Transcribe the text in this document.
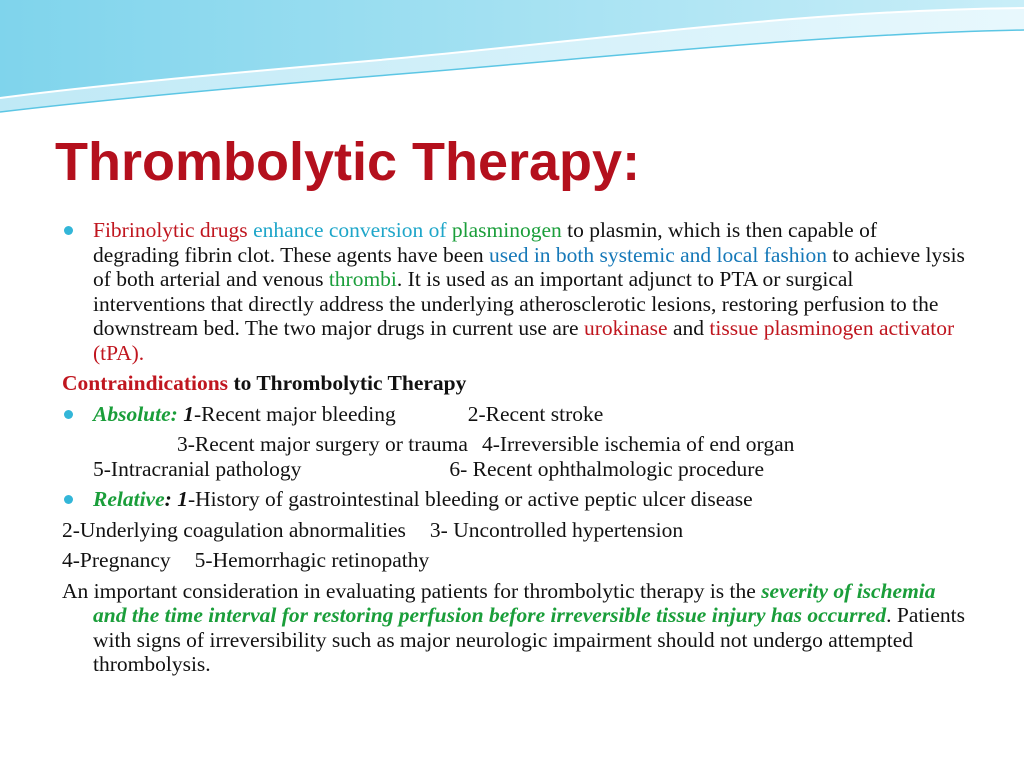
Thrombolytic Therapy:

Fibrinolytic drugs enhance conversion of plasminogen to plasmin, which is then capable of degrading fibrin clot. These agents have been used in both systemic and local fashion to achieve lysis of both arterial and venous thrombi. It is used as an important adjunct to PTA or surgical interventions that directly address the underlying atherosclerotic lesions, restoring perfusion to the downstream bed. The two major drugs in current use are urokinase and tissue plasminogen activator (tPA).

Contraindications to Thrombolytic Therapy

Absolute: 1-Recent major bleeding	2-Recent stroke

3-Recent major surgery or trauma 4-Irreversible ischemia of end organ

5-Intracranial pathology	6- Recent ophthalmologic procedure

Relative: 1-History of gastrointestinal bleeding or active peptic ulcer disease

2-Underlying coagulation abnormalities 3- Uncontrolled hypertension

4-Pregnancy 5-Hemorrhagic retinopathy

An important consideration in evaluating patients for thrombolytic therapy is the severity of ischemia and the time interval for restoring perfusion before irreversible tissue injury has occurred. Patients with signs of irreversibility such as major neurologic impairment should not undergo attempted thrombolysis.
